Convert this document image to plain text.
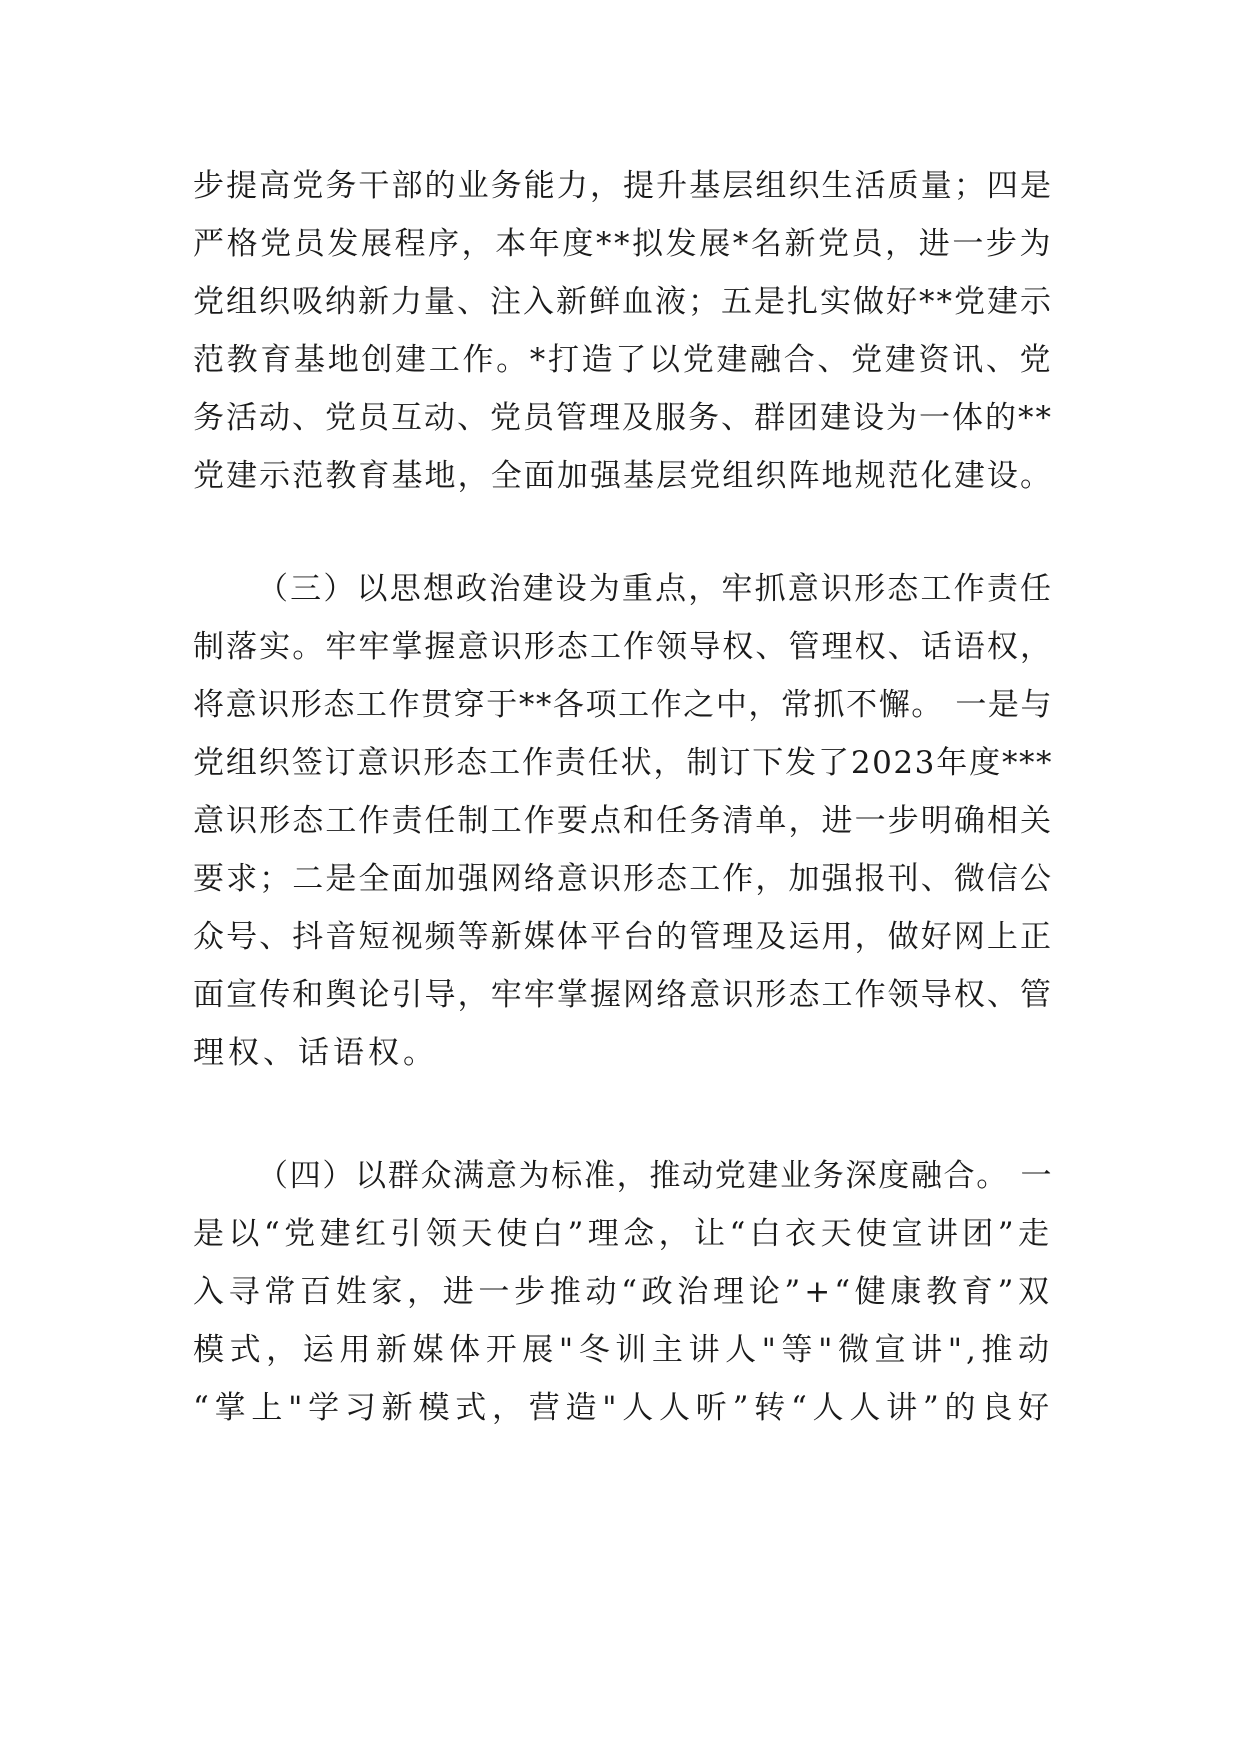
步提高党务干部的业务能力，提升基层组织生活质量；四是
严格党员发展程序，本年度**拟发展*名新党员，进一步为
党组织吸纳新力量、注入新鲜血液；五是扎实做好**党建示
范教育基地创建工作。*打造了以党建融合、党建资讯、党
务活动、党员互动、党员管理及服务、群团建设为一体的**
党建示范教育基地，全面加强基层党组织阵地规范化建设。
（三）以思想政治建设为重点，牢抓意识形态工作责任
制落实。牢牢掌握意识形态工作领导权、管理权、话语权，
将意识形态工作贯穿于**各项工作之中，常抓不懈。 一是与
党组织签订意识形态工作责任状，制订下发了2023年度***
意识形态工作责任制工作要点和任务清单，进一步明确相关
要求；二是全面加强网络意识形态工作，加强报刊、微信公
众号、抖音短视频等新媒体平台的管理及运用，做好网上正
面宣传和舆论引导，牢牢掌握网络意识形态工作领导权、管
理权、话语权。
（四）以群众满意为标准，推动党建业务深度融合。 一
是以“党建红引领天使白”理念，让“白衣天使宣讲团”走
入寻常百姓家，进一步推动“政治理论”+“健康教育”双
模式，运用新媒体开展"冬训主讲人"等"微宣讲",推动
“掌上"学习新模式，营造"人人听”转“人人讲”的良好
